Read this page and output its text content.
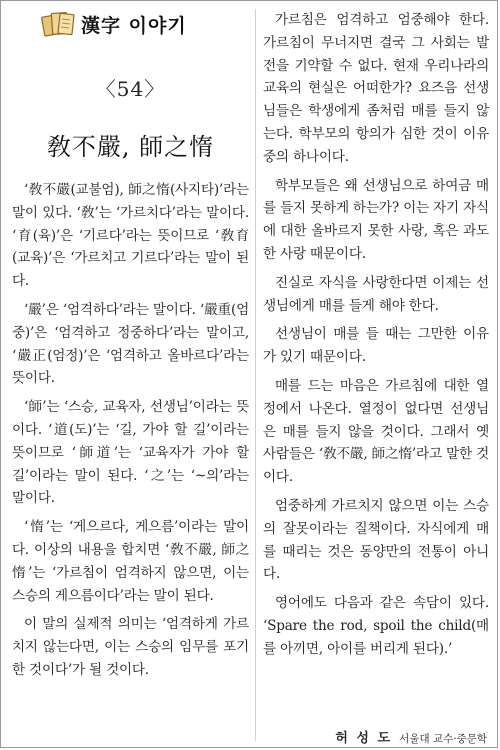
漢字 이야기
〈54〉
敎不嚴, 師之惰

‘敎不嚴(교불엄), 師之惰(사지타)’라는 말이 있다. ‘敎’는 ‘가르치다’라는 말이다. ‘育(육)’은 ‘기르다’라는 뜻이므로 ‘敎育(교육)’은 ‘가르치고 기르다’라는 말이 된다.

‘嚴’은 ‘엄격하다’라는 말이다. ‘嚴重(엄중)’은 ‘엄격하고 정중하다’라는 말이고, ‘嚴正(엄정)’은 ‘엄격하고 올바르다’라는 뜻이다.

‘師’는 ‘스승, 교육자, 선생님’이라는 뜻이다. ‘道(도)’는 ‘길, 가야 할 길’이라는 뜻이므로 ‘師道’는 ‘교육자가 가야 할 길’이라는 말이 된다. ‘之’는 ‘~의’라는 말이다.

‘惰’는 ‘게으르다, 게으름’이라는 말이다. 이상의 내용을 합치면 ‘敎不嚴, 師之惰’는 ‘가르침이 엄격하지 않으면, 이는 스승의 게으름이다’라는 말이 된다.

이 말의 실제적 의미는 ‘엄격하게 가르치지 않는다면, 이는 스승의 임무를 포기한 것이다’가 될 것이다.

가르침은 엄격하고 엄중해야 한다. 가르침이 무너지면 결국 그 사회는 발전을 기약할 수 없다. 현재 우리나라의 교육의 현실은 어떠한가? 요즈음 선생님들은 학생에게 좀처럼 매를 들지 않는다. 학부모의 항의가 심한 것이 이유 중의 하나이다.

학부모들은 왜 선생님으로 하여금 매를 들지 못하게 하는가? 이는 자기 자식에 대한 올바르지 못한 사랑, 혹은 과도한 사랑 때문이다.

진실로 자식을 사랑한다면 이제는 선생님에게 매를 들게 해야 한다.

선생님이 매를 들 때는 그만한 이유가 있기 때문이다.

매를 드는 마음은 가르침에 대한 열정에서 나온다. 열정이 없다면 선생님은 매를 들지 않을 것이다. 그래서 옛 사람들은 ‘敎不嚴, 師之惰’라고 말한 것이다.

엄중하게 가르치지 않으면 이는 스승의 잘못이라는 질책이다. 자식에게 매를 때리는 것은 동양만의 전통이 아니다.

영어에도 다음과 같은 속담이 있다. ‘Spare the rod, spoil the child(매를 아끼면, 아이를 버리게 된다).’

허 성 도 서울대 교수·중문학
